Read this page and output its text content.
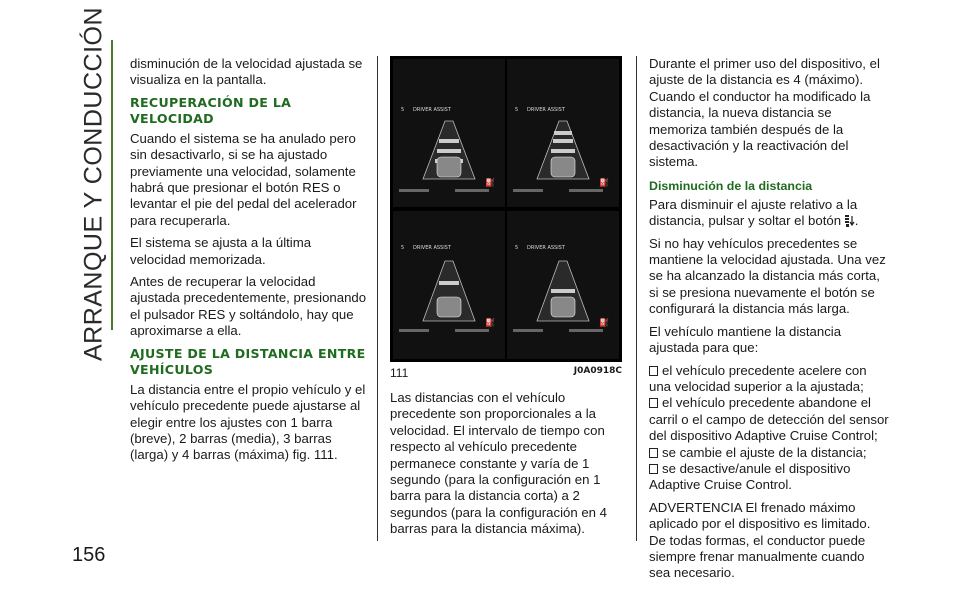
ARRANQUE Y CONDUCCIÓN
156

disminución de la velocidad ajustada se visualiza en la pantalla.

RECUPERACIÓN DE LA VELOCIDAD

Cuando el sistema se ha anulado pero sin desactivarlo, si se ha ajustado previamente una velocidad, solamente habrá que presionar el botón RES o levantar el pie del pedal del acelerador para recuperarla.

El sistema se ajusta a la última velocidad memorizada.

Antes de recuperar la velocidad ajustada precedentemente, presionando el pulsador RES y soltándolo, hay que aproximarse a ella.

AJUSTE DE LA DISTANCIA ENTRE VEHÍCULOS

La distancia entre el propio vehículo y el vehículo precedente puede ajustarse al elegir entre los ajustes con 1 barra (breve), 2 barras (media), 3 barras (larga) y 4 barras (máxima) fig. 111.

5 DRIVER ASSIST
⛽
5 DRIVER ASSIST
⛽
5 DRIVER ASSIST
⛽
5 DRIVER ASSIST
⛽
111	J0A0918C

Las distancias con el vehículo precedente son proporcionales a la velocidad. El intervalo de tiempo con respecto al vehículo precedente permanece constante y varía de 1 segundo (para la configuración en 1 barra para la distancia corta) a 2 segundos (para la configuración en 4 barras para la distancia máxima).

Durante el primer uso del dispositivo, el ajuste de la distancia es 4 (máximo). Cuando el conductor ha modificado la distancia, la nueva distancia se memoriza también después de la desactivación y la reactivación del sistema.

Disminución de la distancia

Para disminuir el ajuste relativo a la distancia, pulsar y soltar el botón .

Si no hay vehículos precedentes se mantiene la velocidad ajustada. Una vez se ha alcanzado la distancia más corta, si se presiona nuevamente el botón se configurará la distancia más larga.

El vehículo mantiene la distancia ajustada para que:

el vehículo precedente acelere con una velocidad superior a la ajustada;

el vehículo precedente abandone el carril o el campo de detección del sensor del dispositivo Adaptive Cruise Control;

se cambie el ajuste de la distancia;

se desactive/anule el dispositivo Adaptive Cruise Control.

ADVERTENCIA El frenado máximo aplicado por el dispositivo es limitado. De todas formas, el conductor puede siempre frenar manualmente cuando sea necesario.
